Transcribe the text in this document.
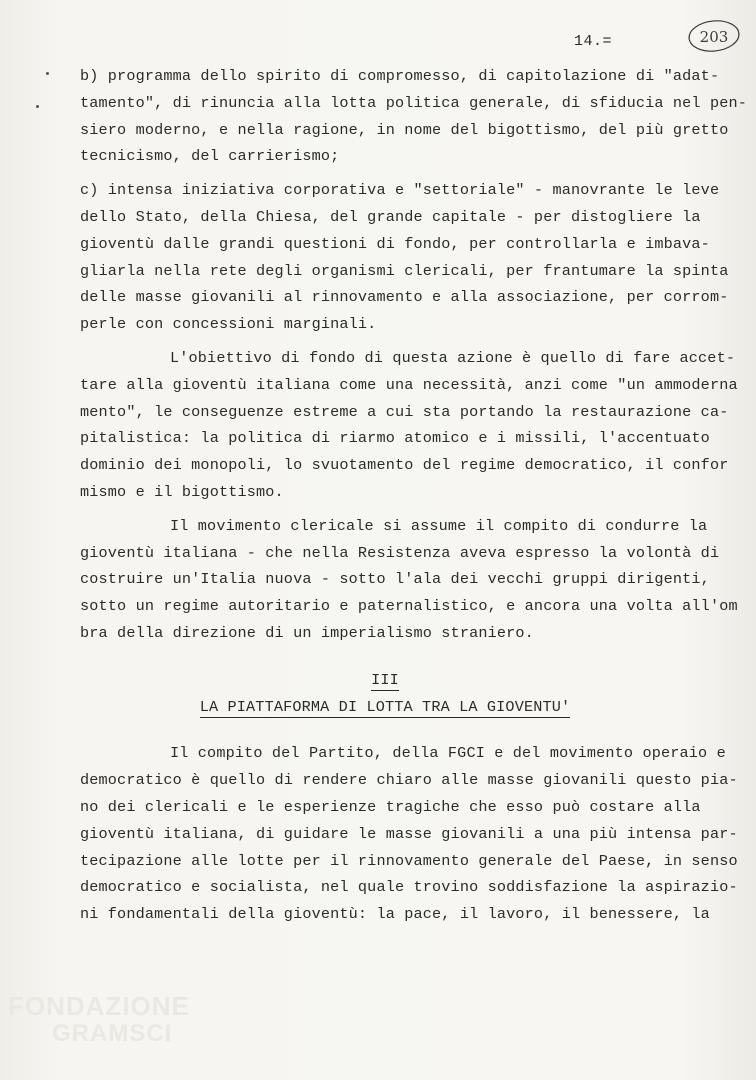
14.=	203
b) programma dello spirito di compromesso, di capitolazione di "adat-
tamento", di rinuncia alla lotta politica generale, di sfiducia nel pen-
siero moderno, e nella ragione, in nome del bigottismo, del più gretto
tecnicismo, del carrierismo;
c) intensa iniziativa corporativa e "settoriale" - manovrante le leve
dello Stato, della Chiesa, del grande capitale - per distogliere la
gioventù dalle grandi questioni di fondo, per controllarla e imbava-
gliarla nella rete degli organismi clericali, per frantumare la spinta
delle masse giovanili al rinnovamento e alla associazione, per corrom-
perle con concessioni marginali.
L'obiettivo di fondo di questa azione è quello di fare accet-
tare alla gioventù italiana come una necessità, anzi come "un ammoderna
mento", le conseguenze estreme a cui sta portando la restaurazione ca-
pitalistica: la politica di riarmo atomico e i missili, l'accentuato
dominio dei monopoli, lo svuotamento del regime democratico, il confor
mismo e il bigottismo.
Il movimento clericale si assume il compito di condurre la
gioventù italiana - che nella Resistenza aveva espresso la volontà di
costruire un'Italia nuova - sotto l'ala dei vecchi gruppi dirigenti,
sotto un regime autoritario e paternalistico, e ancora una volta all'om
bra della direzione di un imperialismo straniero.
III
LA PIATTAFORMA DI LOTTA TRA LA GIOVENTU'
Il compito del Partito, della FGCI e del movimento operaio e
democratico è quello di rendere chiaro alle masse giovanili questo pia-
no dei clericali e le esperienze tragiche che esso può costare alla
gioventù italiana, di guidare le masse giovanili a una più intensa par-
tecipazione alle lotte per il rinnovamento generale del Paese, in senso
democratico e socialista, nel quale trovino soddisfazione la aspirazio-
ni fondamentali della gioventù: la pace, il lavoro, il benessere, la
FONDAZIONE
GRAMSCI
